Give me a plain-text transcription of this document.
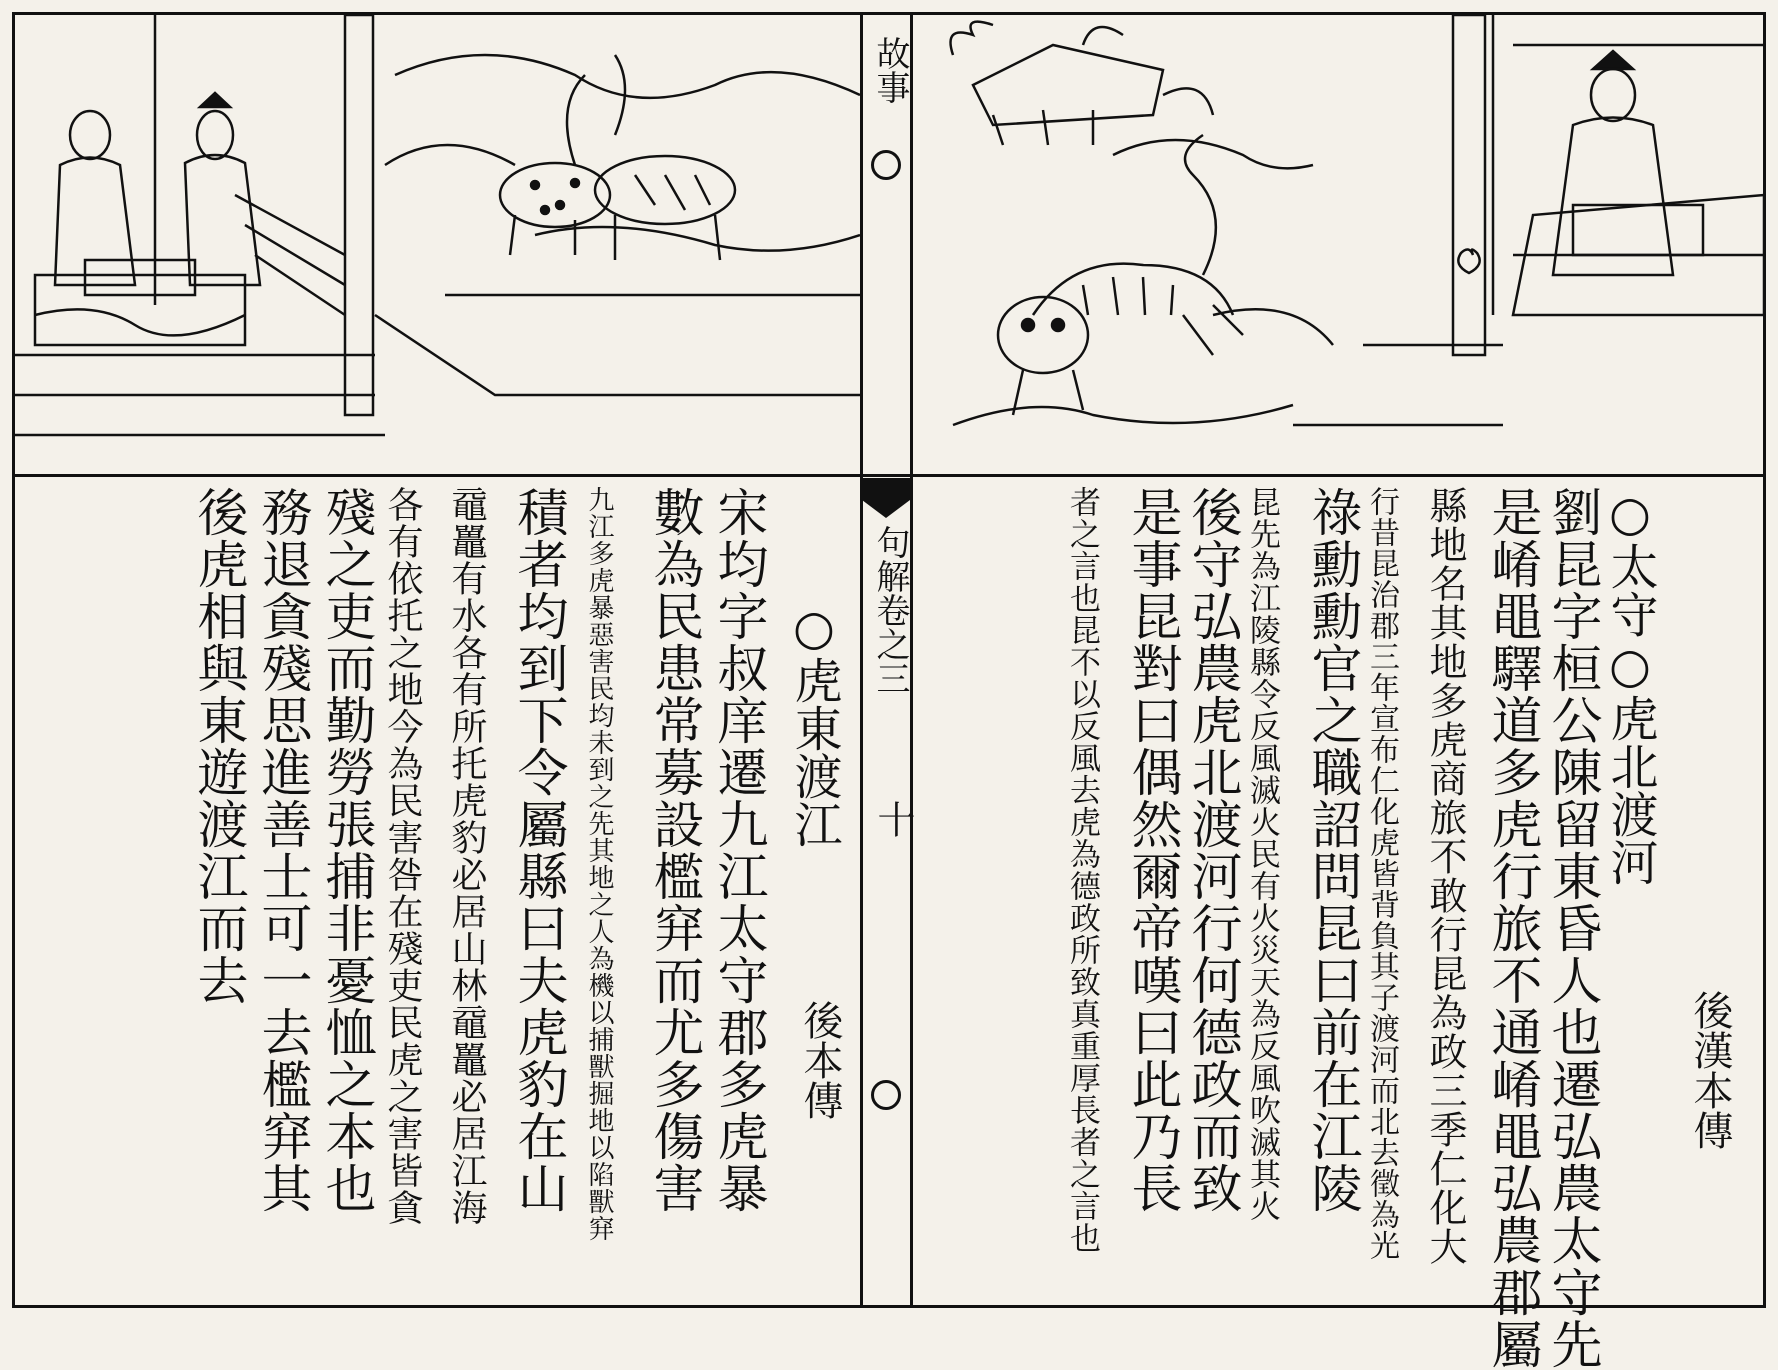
故事
句解卷之三
十
後漢本傳
○太守○虎北渡河
劉昆字桓公陳留東昏人也遷弘農太守先
是崤黽驛道多虎行旅不通崤黽弘農郡屬
縣地名其地多虎商旅不敢行昆為政三季仁化大
行昔昆治郡三年宣布仁化虎皆背負其子渡河而北去徵為光
祿勳勳官之職詔問昆曰前在江陵
昆先為江陵縣令反風滅火民有火災天為反風吹滅其火
後守弘農虎北渡河行何德政而致
是事昆對曰偶然爾帝嘆曰此乃長
者之言也昆不以反風去虎為德政所致真重厚長者之言也
後本傳
○虎東渡江
宋均字叔庠遷九江太守郡多虎暴
數為民患常募設檻穽而尤多傷害
九江多虎暴惡害民均未到之先其地之人為機以捕獸掘地以陷獸穽
積者均到下令屬縣曰夫虎豹在山
黿鼉有水各有所托虎豹必居山林黿鼉必居江海
各有依托之地今為民害咎在殘吏民虎之害皆貪
殘之吏而勤勞張捕非憂恤之本也
務退貪殘思進善士可一去檻穽其
後虎相與東遊渡江而去
